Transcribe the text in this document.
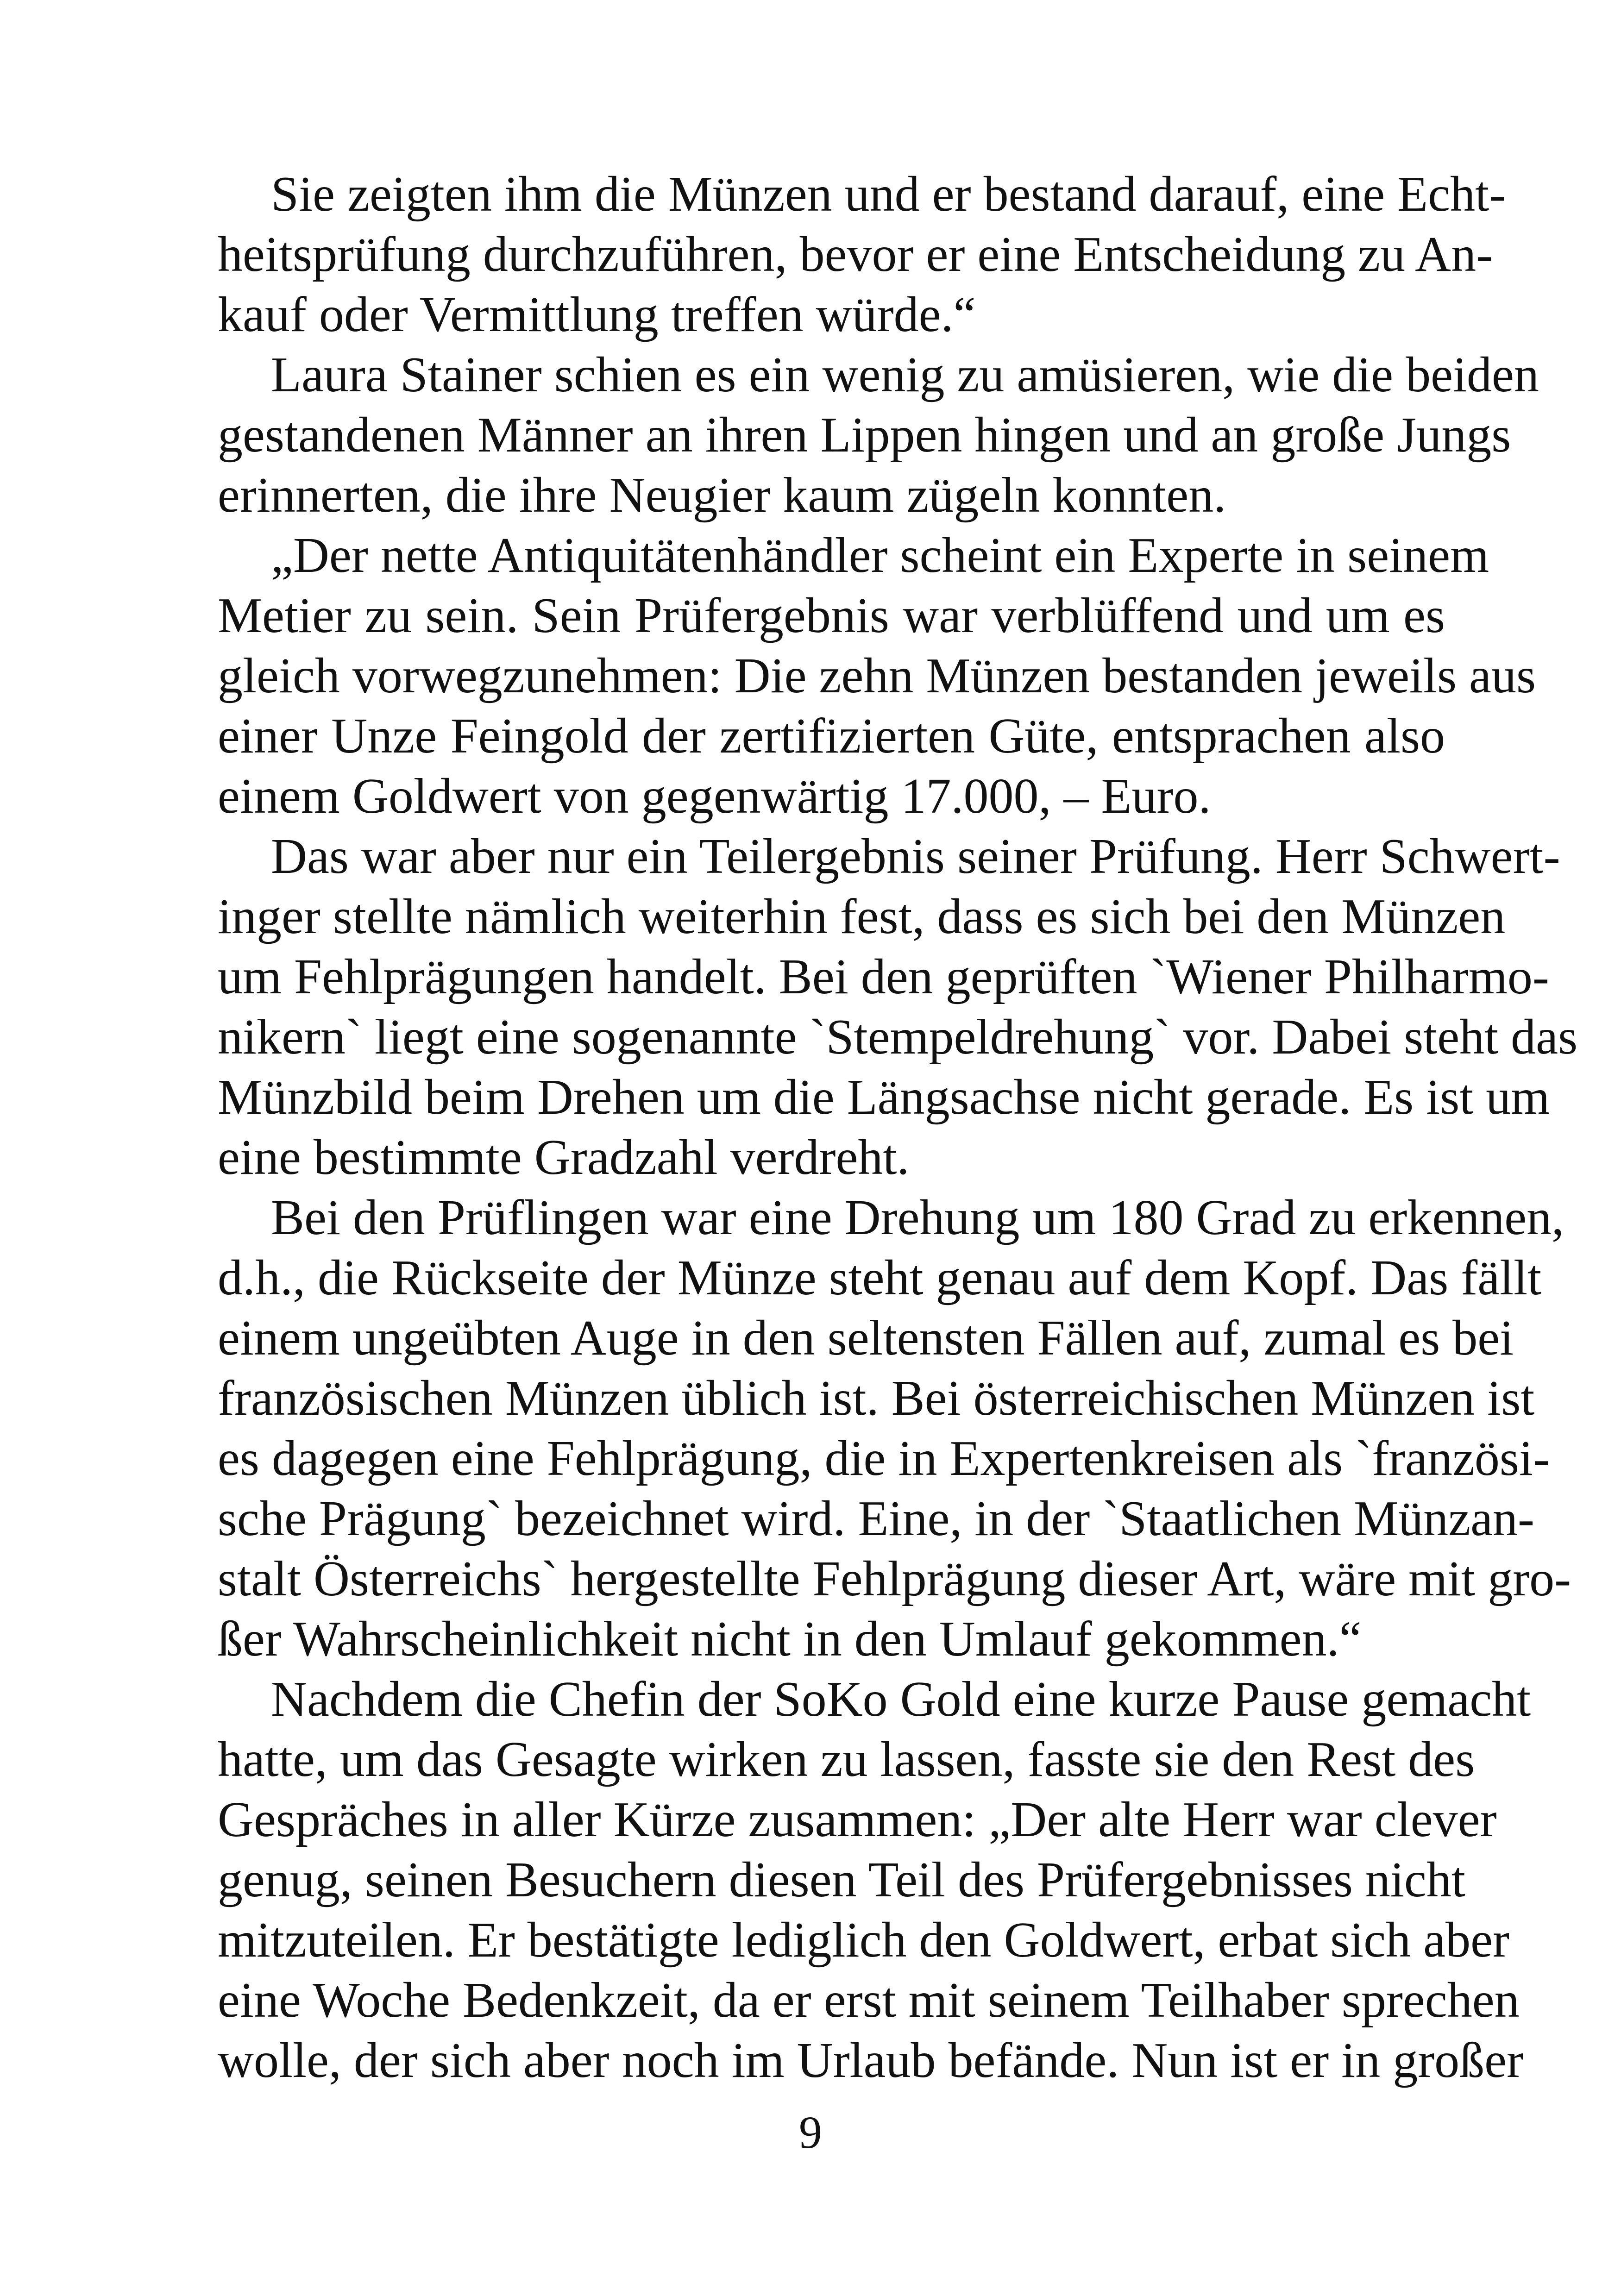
Sie zeigten ihm die Münzen und er bestand darauf, eine Echt-
heitsprüfung durchzuführen, bevor er eine Entscheidung zu An-
kauf oder Vermittlung treffen würde.“
Laura Stainer schien es ein wenig zu amüsieren, wie die beiden
gestandenen Männer an ihren Lippen hingen und an große Jungs
erinnerten, die ihre Neugier kaum zügeln konnten.
„Der nette Antiquitätenhändler scheint ein Experte in seinem
Metier zu sein. Sein Prüfergebnis war verblüffend und um es
gleich vorwegzunehmen: Die zehn Münzen bestanden jeweils aus
einer Unze Feingold der zertifizierten Güte, entsprachen also
einem Goldwert von gegenwärtig 17.000, – Euro.
Das war aber nur ein Teilergebnis seiner Prüfung. Herr Schwert-
inger stellte nämlich weiterhin fest, dass es sich bei den Münzen
um Fehlprägungen handelt. Bei den geprüften `Wiener Philharmo-
nikern` liegt eine sogenannte `Stempeldrehung` vor. Dabei steht das
Münzbild beim Drehen um die Längsachse nicht gerade. Es ist um
eine bestimmte Gradzahl verdreht.
Bei den Prüflingen war eine Drehung um 180 Grad zu erkennen,
d.h., die Rückseite der Münze steht genau auf dem Kopf. Das fällt
einem ungeübten Auge in den seltensten Fällen auf, zumal es bei
französischen Münzen üblich ist. Bei österreichischen Münzen ist
es dagegen eine Fehlprägung, die in Expertenkreisen als `französi-
sche Prägung` bezeichnet wird. Eine, in der `Staatlichen Münzan-
stalt Österreichs` hergestellte Fehlprägung dieser Art, wäre mit gro-
ßer Wahrscheinlichkeit nicht in den Umlauf gekommen.“
Nachdem die Chefin der SoKo Gold eine kurze Pause gemacht
hatte, um das Gesagte wirken zu lassen, fasste sie den Rest des
Gespräches in aller Kürze zusammen: „Der alte Herr war clever
genug, seinen Besuchern diesen Teil des Prüfergebnisses nicht
mitzuteilen. Er bestätigte lediglich den Goldwert, erbat sich aber
eine Woche Bedenkzeit, da er erst mit seinem Teilhaber sprechen
wolle, der sich aber noch im Urlaub befände. Nun ist er in großer
9
